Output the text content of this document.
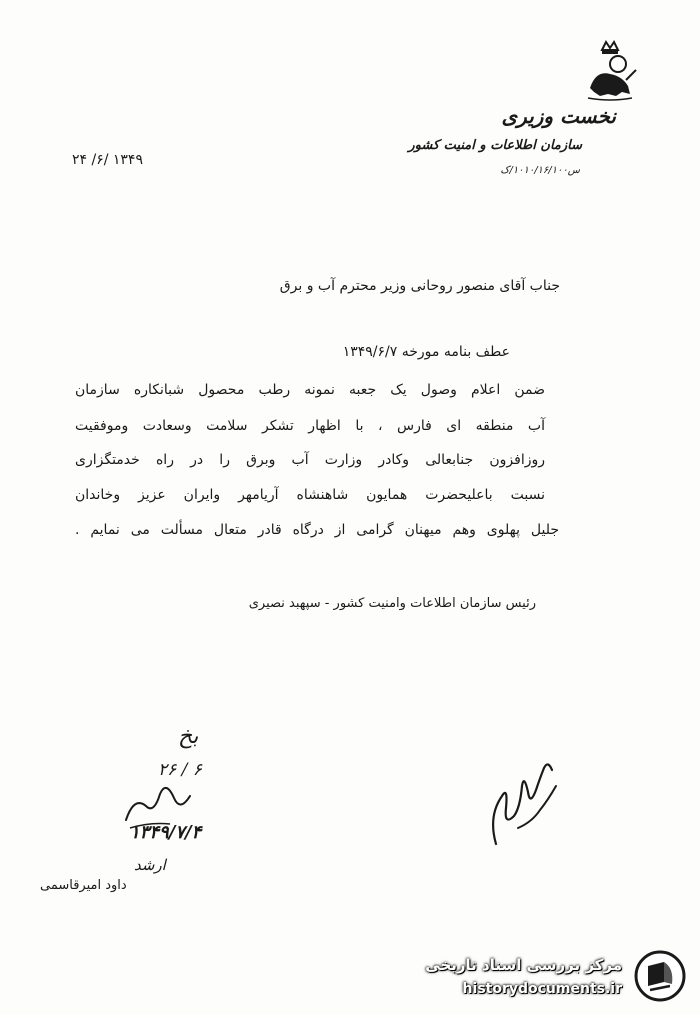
نخست وزیری
سازمان اطلاعات و امنیت کشور
س۱۰۱۰/۱۶/۱۰۰/ک
۲۴ /۶/ ۱۳۴۹
جناب آقای منصور روحانی وزیر محترم آب و برق
عطف بنامه مورخه ۱۳۴۹/۶/۷
ضمن اعلام وصول یک جعبه نمونه رطب محصول شبانکاره سازمان
آب منطقه ای فارس ، با اظهار تشکر سلامت وسعادت وموفقیت
روزافزون جنابعالی وکادر وزارت آب وبرق را در راه خدمتگزاری
نسبت باعلیحضرت همایون شاهنشاه آریامهر وایران عزیز وخاندان
جلیل پهلوی وهم میهنان گرامی از درگاه قادر متعال مسألت می نمایم .
رئیس سازمان اطلاعات وامنیت کشور - سپهبد نصیری
بخ
۲۶ / ۶
۱۳۴۹/۷/۴
ارشد
داود امیرقاسمی
مرکز بررسی اسناد تاریخی
historydocuments.ir
